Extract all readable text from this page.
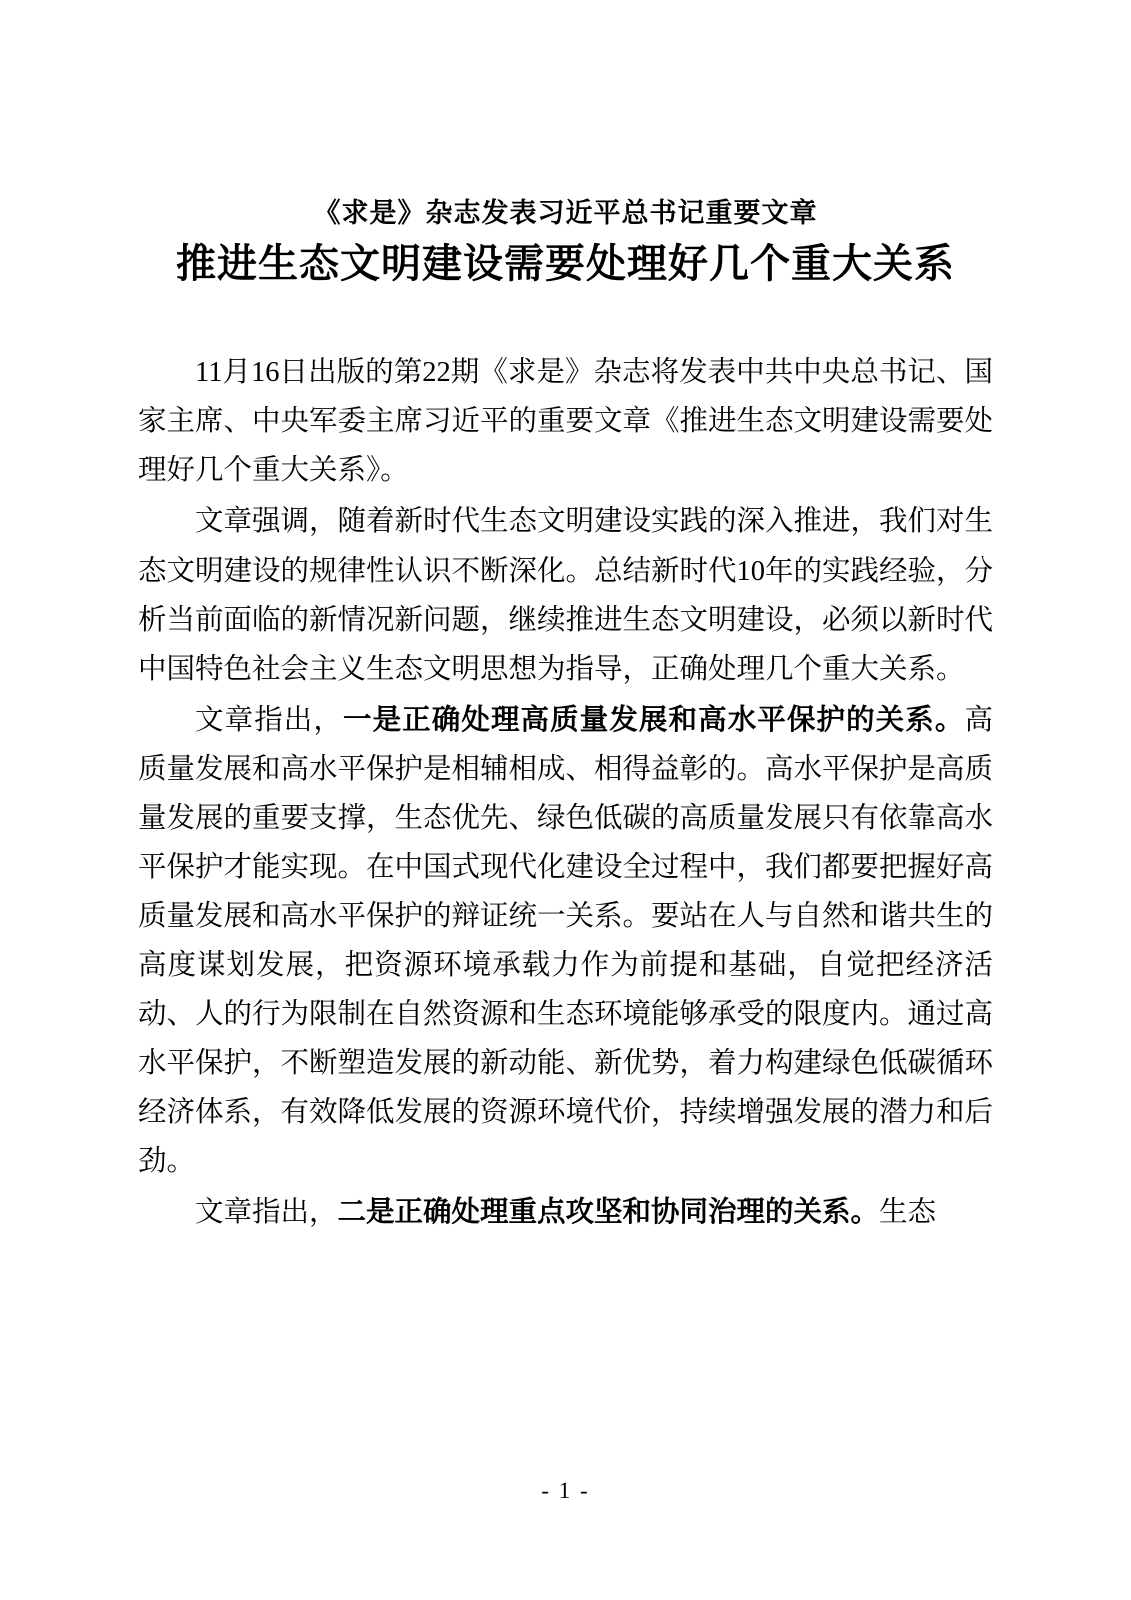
《求是》杂志发表习近平总书记重要文章
推进生态文明建设需要处理好几个重大关系

11月16日出版的第22期《求是》杂志将发表中共中央总书记、国家主席、中央军委主席习近平的重要文章《推进生态文明建设需要处理好几个重大关系》。

文章强调，随着新时代生态文明建设实践的深入推进，我们对生态文明建设的规律性认识不断深化。总结新时代10年的实践经验，分析当前面临的新情况新问题，继续推进生态文明建设，必须以新时代中国特色社会主义生态文明思想为指导，正确处理几个重大关系。

文章指出，一是正确处理高质量发展和高水平保护的关系。高质量发展和高水平保护是相辅相成、相得益彰的。高水平保护是高质量发展的重要支撑，生态优先、绿色低碳的高质量发展只有依靠高水平保护才能实现。在中国式现代化建设全过程中，我们都要把握好高质量发展和高水平保护的辩证统一关系。要站在人与自然和谐共生的高度谋划发展，把资源环境承载力作为前提和基础，自觉把经济活动、人的行为限制在自然资源和生态环境能够承受的限度内。通过高水平保护，不断塑造发展的新动能、新优势，着力构建绿色低碳循环经济体系，有效降低发展的资源环境代价，持续增强发展的潜力和后劲。

文章指出，二是正确处理重点攻坚和协同治理的关系。生态

- 1 -
